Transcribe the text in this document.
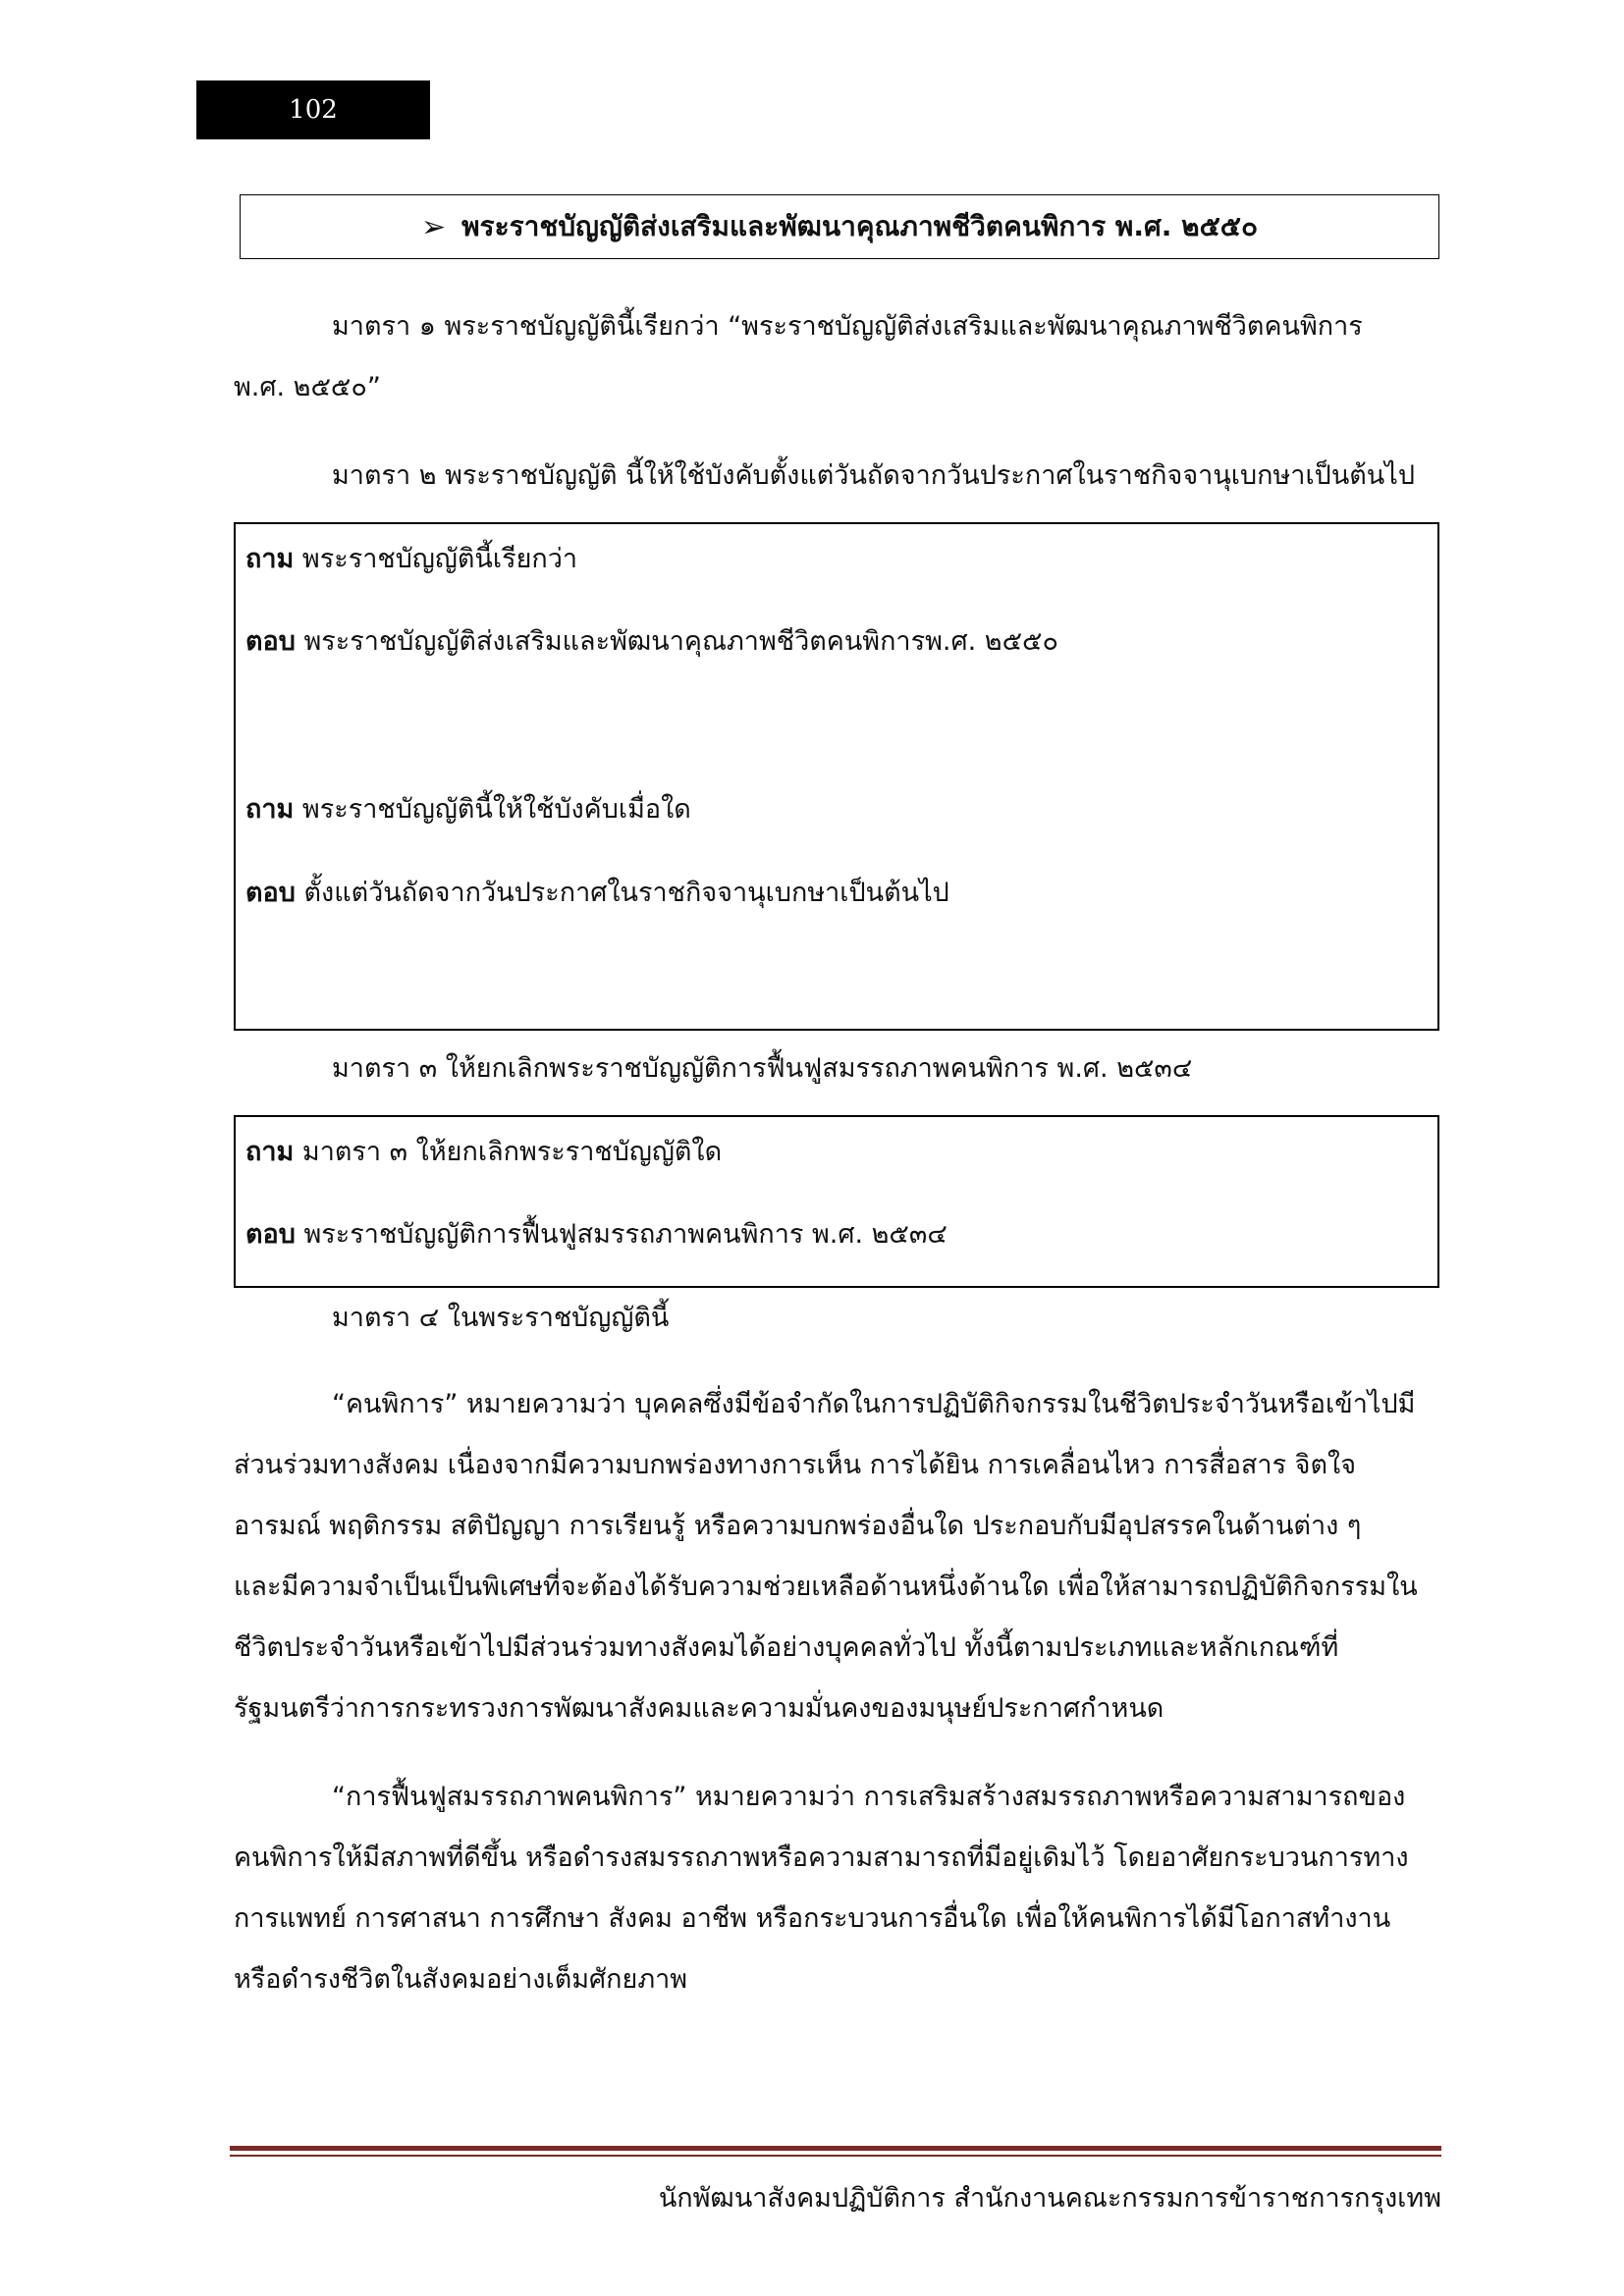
102
➢ พระราชบัญญัติส่งเสริมและพัฒนาคุณภาพชีวิตคนพิการ พ.ศ. ๒๕๕๐
มาตรา ๑ พระราชบัญญัตินี้เรียกว่า “พระราชบัญญัติส่งเสริมและพัฒนาคุณภาพชีวิตคนพิการ
พ.ศ. ๒๕๕๐”
มาตรา ๒ พระราชบัญญัติ นี้ให้ใช้บังคับตั้งแต่วันถัดจากวันประกาศในราชกิจจานุเบกษาเป็นต้นไป
ถาม พระราชบัญญัตินี้เรียกว่า
ตอบ พระราชบัญญัติส่งเสริมและพัฒนาคุณภาพชีวิตคนพิการพ.ศ. ๒๕๕๐
ถาม พระราชบัญญัตินี้ให้ใช้บังคับเมื่อใด
ตอบ ตั้งแต่วันถัดจากวันประกาศในราชกิจจานุเบกษาเป็นต้นไป
มาตรา ๓ ให้ยกเลิกพระราชบัญญัติการฟื้นฟูสมรรถภาพคนพิการ พ.ศ. ๒๕๓๔
ถาม มาตรา ๓ ให้ยกเลิกพระราชบัญญัติใด
ตอบ พระราชบัญญัติการฟื้นฟูสมรรถภาพคนพิการ พ.ศ. ๒๕๓๔
มาตรา ๔ ในพระราชบัญญัตินี้
“คนพิการ” หมายความว่า บุคคลซึ่งมีข้อจำกัดในการปฏิบัติกิจกรรมในชีวิตประจำวันหรือเข้าไปมี
ส่วนร่วมทางสังคม เนื่องจากมีความบกพร่องทางการเห็น การได้ยิน การเคลื่อนไหว การสื่อสาร จิตใจ
อารมณ์ พฤติกรรม สติปัญญา การเรียนรู้ หรือความบกพร่องอื่นใด ประกอบกับมีอุปสรรคในด้านต่าง ๆ
และมีความจำเป็นเป็นพิเศษที่จะต้องได้รับความช่วยเหลือด้านหนึ่งด้านใด เพื่อให้สามารถปฏิบัติกิจกรรมใน
ชีวิตประจำวันหรือเข้าไปมีส่วนร่วมทางสังคมได้อย่างบุคคลทั่วไป ทั้งนี้ตามประเภทและหลักเกณฑ์ที่
รัฐมนตรีว่าการกระทรวงการพัฒนาสังคมและความมั่นคงของมนุษย์ประกาศกำหนด
“การฟื้นฟูสมรรถภาพคนพิการ” หมายความว่า การเสริมสร้างสมรรถภาพหรือความสามารถของ
คนพิการให้มีสภาพที่ดีขึ้น หรือดำรงสมรรถภาพหรือความสามารถที่มีอยู่เดิมไว้ โดยอาศัยกระบวนการทาง
การแพทย์ การศาสนา การศึกษา สังคม อาชีพ หรือกระบวนการอื่นใด เพื่อให้คนพิการได้มีโอกาสทำงาน
หรือดำรงชีวิตในสังคมอย่างเต็มศักยภาพ
นักพัฒนาสังคมปฏิบัติการ สำนักงานคณะกรรมการข้าราชการกรุงเทพ
